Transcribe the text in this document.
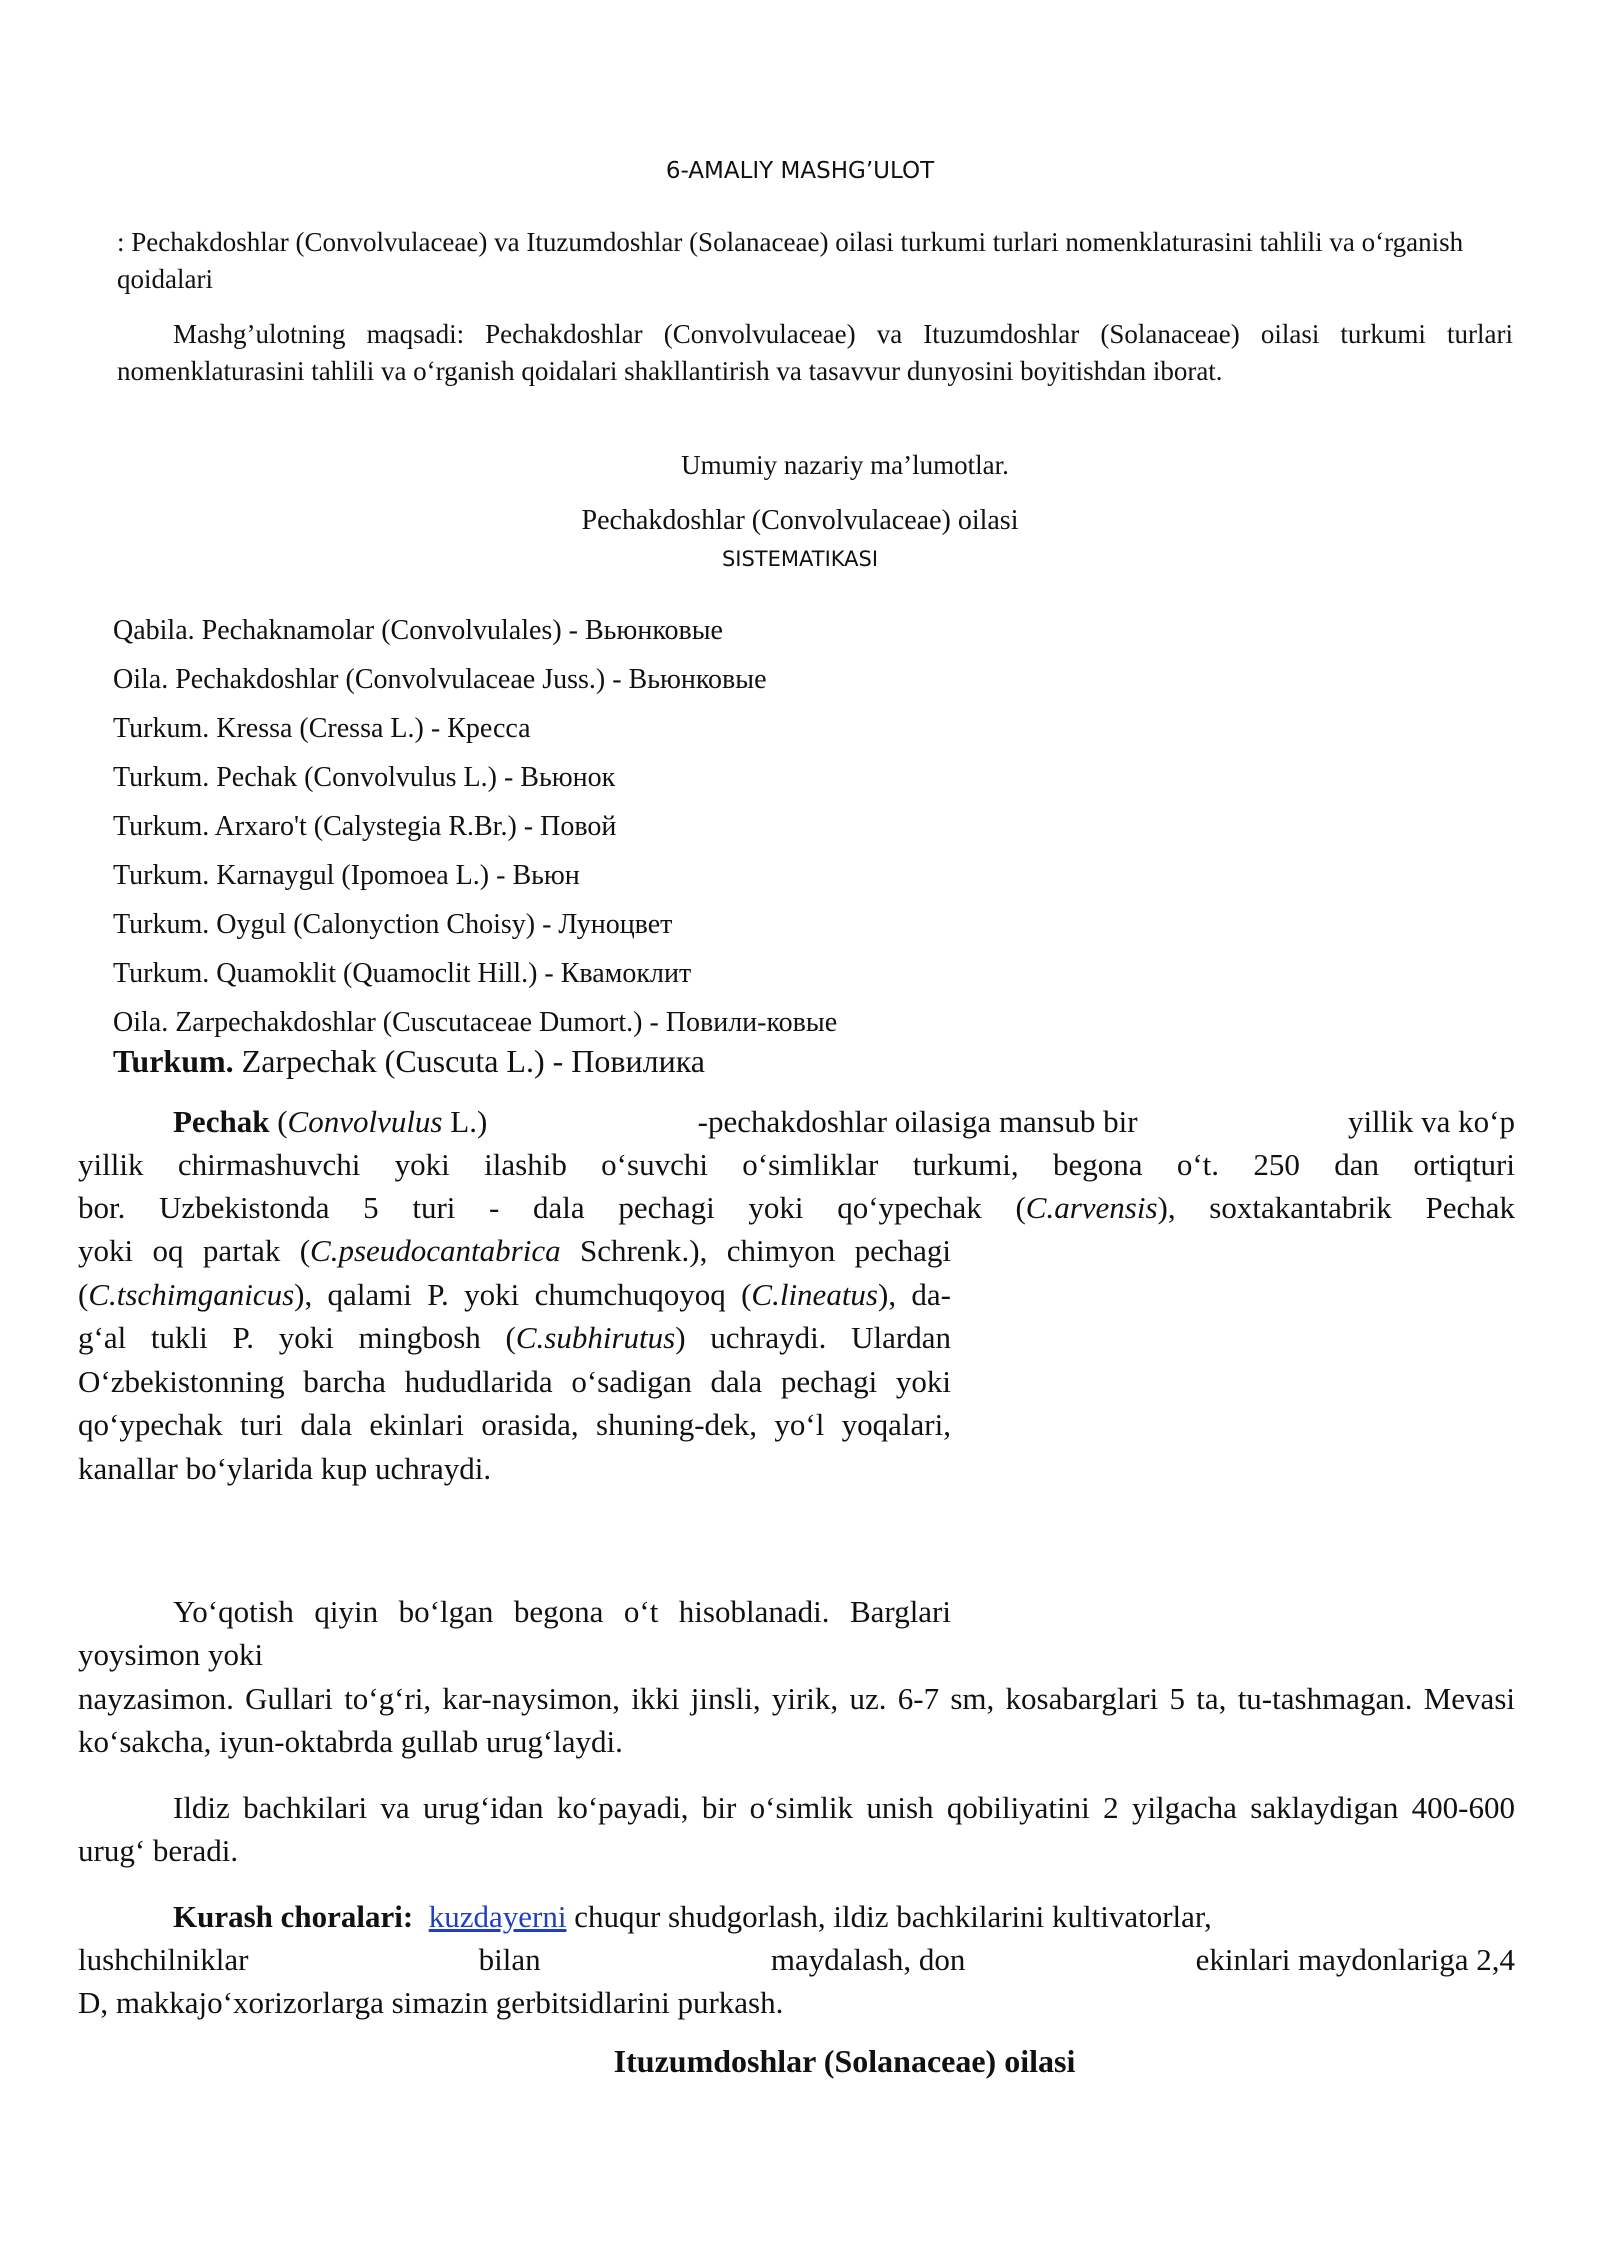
6-AMALIY MASHG’ULOT

: Pechakdoshlar (Convolvulaceae) va Ituzumdoshlar (Solanaceae) oilasi turkumi turlari nomenklaturasini tahlili va o‘rganish qoidalari

Mashg’ulotning maqsadi: Pechakdoshlar (Convolvulaceae) va Ituzumdoshlar (Solanaceae) oilasi turkumi turlari nomenklaturasini tahlili va o‘rganish qoidalari shakllantirish va tasavvur dunyosini boyitishdan iborat.

Umumiy nazariy ma’lumotlar.
Pechakdoshlar (Convolvulaceae) oilasi
SISTEMATIKASI
Qabila. Pechaknamolar (Convolvulales) - Вьюнковые
Oila. Pechakdoshlar (Convolvulaceae Juss.) - Вьюнковые
Turkum. Kressa (Cressa L.) - Кресса
Turkum. Pechak (Convolvulus L.) - Вьюнок
Turkum. Arxaro't (Calystegia R.Br.) - Повой
Turkum. Karnaygul (Ipomoea L.) - Вьюн
Turkum. Oygul (Calonyction Choisy) - Луноцвет
Turkum. Quamoklit (Quamoclit Hill.) - Квамоклит
Oila. Zarpechakdoshlar (Cuscutaceae Dumort.) - Повили-ковые
Turkum. Zarpechak (Cuscuta L.) - Повилика
Pechak (Convolvulus L.)	-pechakdoshlar oilasiga mansub bir	yillik va ko‘p
yillik chirmashuvchi yoki ilashib o‘suvchi o‘simliklar turkumi, begona o‘t. 250 dan ortiqturi
bor. Uzbekistonda 5 turi - dala pechagi yoki qo‘ypechak (C.arvensis), soxtakantabrik Pechak

yoki oq partak (C.pseudocantabrica Schrenk.), chimyon pechagi (C.tschimganicus), qalami P. yoki chumchuqoyoq (C.lineatus), da-g‘al tukli P. yoki mingbosh (C.subhirutus) uchraydi. Ulardan O‘zbekistonning barcha hududlarida o‘sadigan dala pechagi yoki qo‘ypechak turi dala ekinlari orasida, shuning-dek, yo‘l yoqalari, kanallar bo‘ylarida kup uchraydi.

Yo‘qotish qiyin bo‘lgan begona o‘t hisoblanadi. Barglari yoysimon yoki

nayzasimon. Gullari to‘g‘ri, kar-naysimon, ikki jinsli, yirik, uz. 6-7 sm, kosabarglari 5 ta, tu-tashmagan. Mevasi ko‘sakcha, iyun-oktabrda gullab urug‘laydi.

Ildiz bachkilari va urug‘idan ko‘payadi, bir o‘simlik unish qobiliyatini 2 yilgacha saklaydigan 400-600 urug‘ beradi.

Kurash choralari: kuzdayerni chuqur shudgorlash, ildiz bachkilarini kultivatorlar,
lushchilniklar	bilan	maydalash, don	ekinlari maydonlariga 2,4
D, makkajo‘xorizorlarga simazin gerbitsidlarini purkash.
Ituzumdoshlar (Solanaceae) oilasi
